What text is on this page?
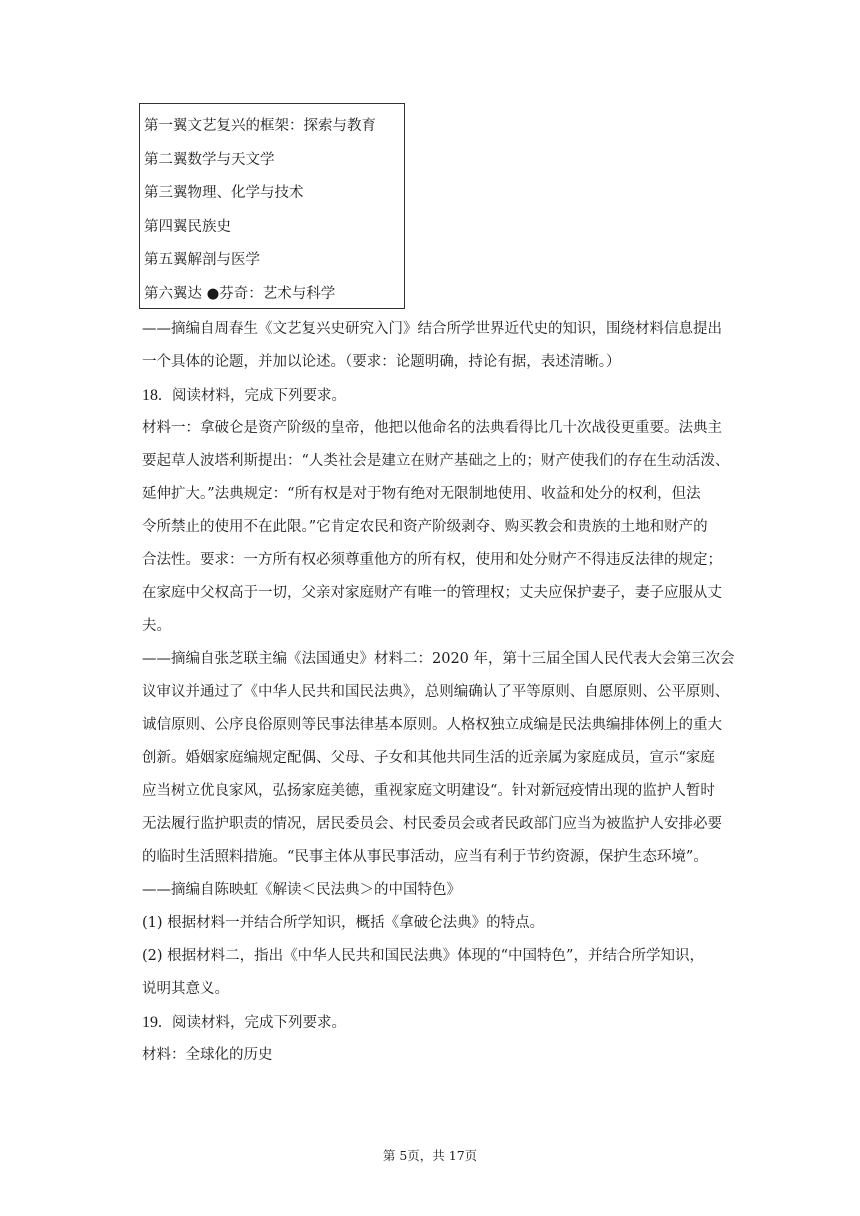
第一翼文艺复兴的框架：探索与教育
第二翼数学与天文学
第三翼物理、化学与技术
第四翼民族史
第五翼解剖与医学
第六翼达 ●芬奇：艺术与科学
——摘编自周春生《文艺复兴史研究入门》结合所学世界近代史的知识，围绕材料信息提出
一个具体的论题，并加以论述。（要求：论题明确，持论有据，表述清晰。）
18. 阅读材料，完成下列要求。
材料一：拿破仑是资产阶级的皇帝，他把以他命名的法典看得比几十次战役更重要。法典主
要起草人波塔利斯提出：“人类社会是建立在财产基础之上的；财产使我们的存在生动活泼、
延伸扩大。”法典规定：“所有权是对于物有绝对无限制地使用、收益和处分的权利，但法
令所禁止的使用不在此限。”它肯定农民和资产阶级剥夺、购买教会和贵族的土地和财产的
合法性。要求：一方所有权必须尊重他方的所有权，使用和处分财产不得违反法律的规定；
在家庭中父权高于一切，父亲对家庭财产有唯一的管理权；丈夫应保护妻子，妻子应服从丈
夫。
——摘编自张芝联主编《法国通史》材料二：2020 年，第十三届全国人民代表大会第三次会
议审议并通过了《中华人民共和国民法典》，总则编确认了平等原则、自愿原则、公平原则、
诚信原则、公序良俗原则等民事法律基本原则。人格权独立成编是民法典编排体例上的重大
创新。婚姻家庭编规定配偶、父母、子女和其他共同生活的近亲属为家庭成员，宣示“家庭
应当树立优良家风，弘扬家庭美德，重视家庭文明建设“。针对新冠疫情出现的监护人暂时
无法履行监护职责的情况，居民委员会、村民委员会或者民政部门应当为被监护人安排必要
的临时生活照料措施。“民事主体从事民事活动，应当有利于节约资源，保护生态环境”。
——摘编自陈映虹《解读＜民法典＞的中国特色》
(1) 根据材料一并结合所学知识，概括《拿破仑法典》的特点。
(2) 根据材料二，指出《中华人民共和国民法典》体现的“中国特色”，并结合所学知识，
说明其意义。
19. 阅读材料，完成下列要求。
材料：全球化的历史
第 5页，共 17页
